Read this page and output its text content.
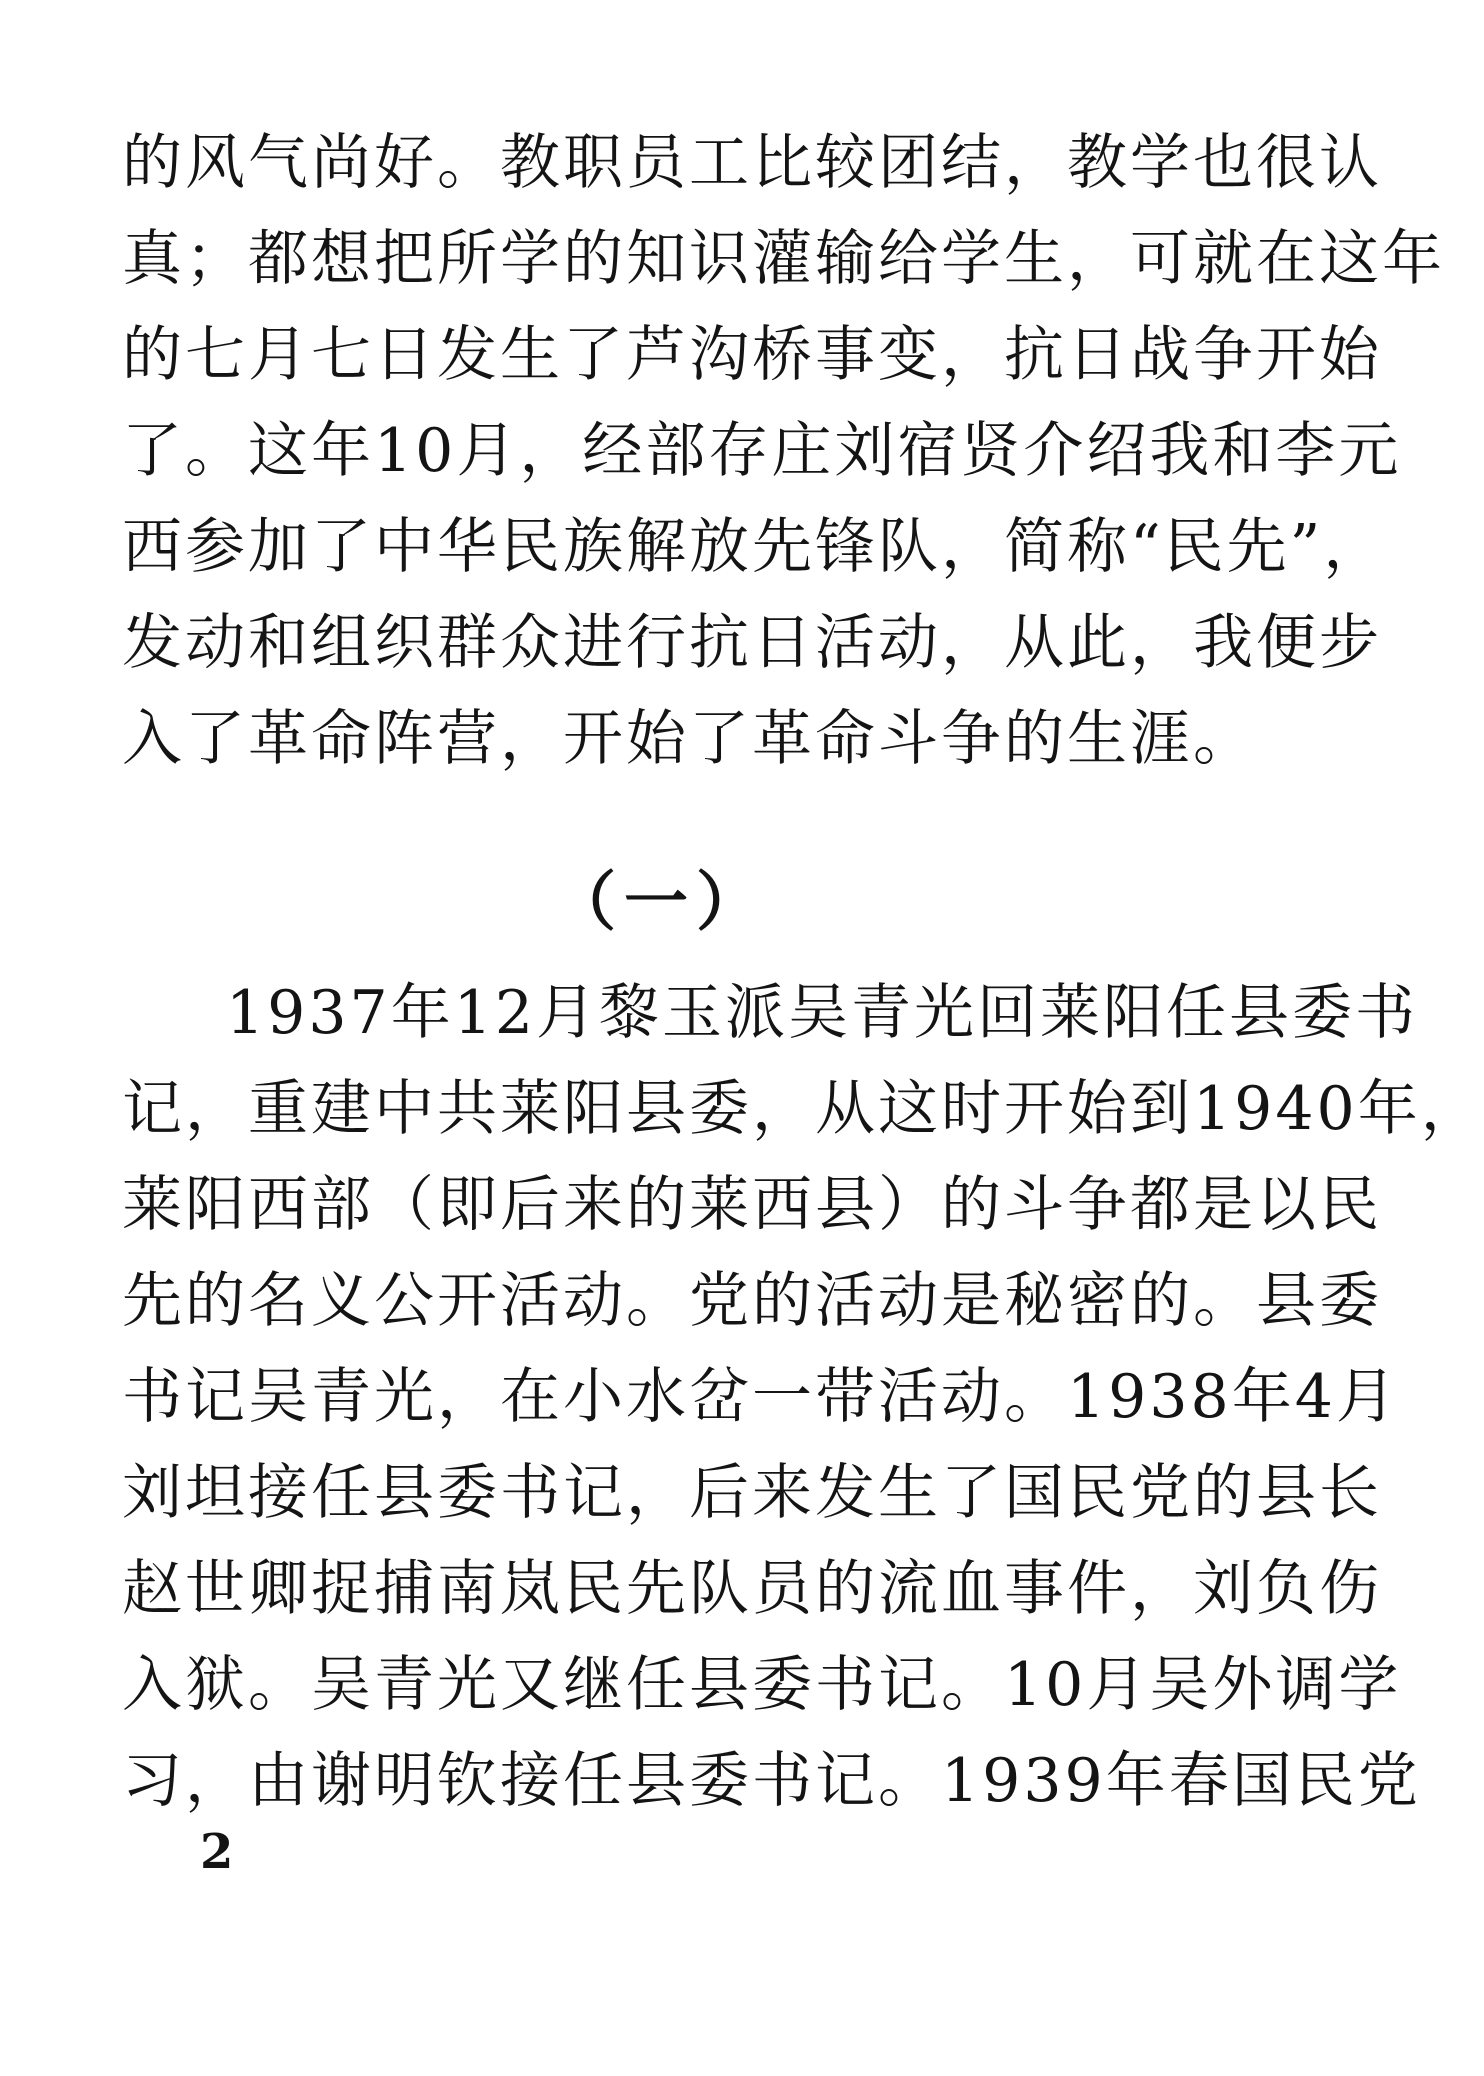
的风气尚好。教职员工比较团结，教学也很认
真；都想把所学的知识灌输给学生，可就在这年
的七月七日发生了芦沟桥事变，抗日战争开始
了。这年10月，经部存庄刘宿贤介绍我和李元
西参加了中华民族解放先锋队，简称“民先”，
发动和组织群众进行抗日活动，从此，我便步
入了革命阵营，开始了革命斗争的生涯。
（一）
1937年12月黎玉派吴青光回莱阳任县委书
记，重建中共莱阳县委，从这时开始到1940年，
莱阳西部（即后来的莱西县）的斗争都是以民
先的名义公开活动。党的活动是秘密的。县委
书记吴青光，在小水岔一带活动。1938年4月
刘坦接任县委书记，后来发生了国民党的县长
赵世卿捉捕南岚民先队员的流血事件，刘负伤
入狱。吴青光又继任县委书记。10月吴外调学
习，由谢明钦接任县委书记。1939年春国民党
2
